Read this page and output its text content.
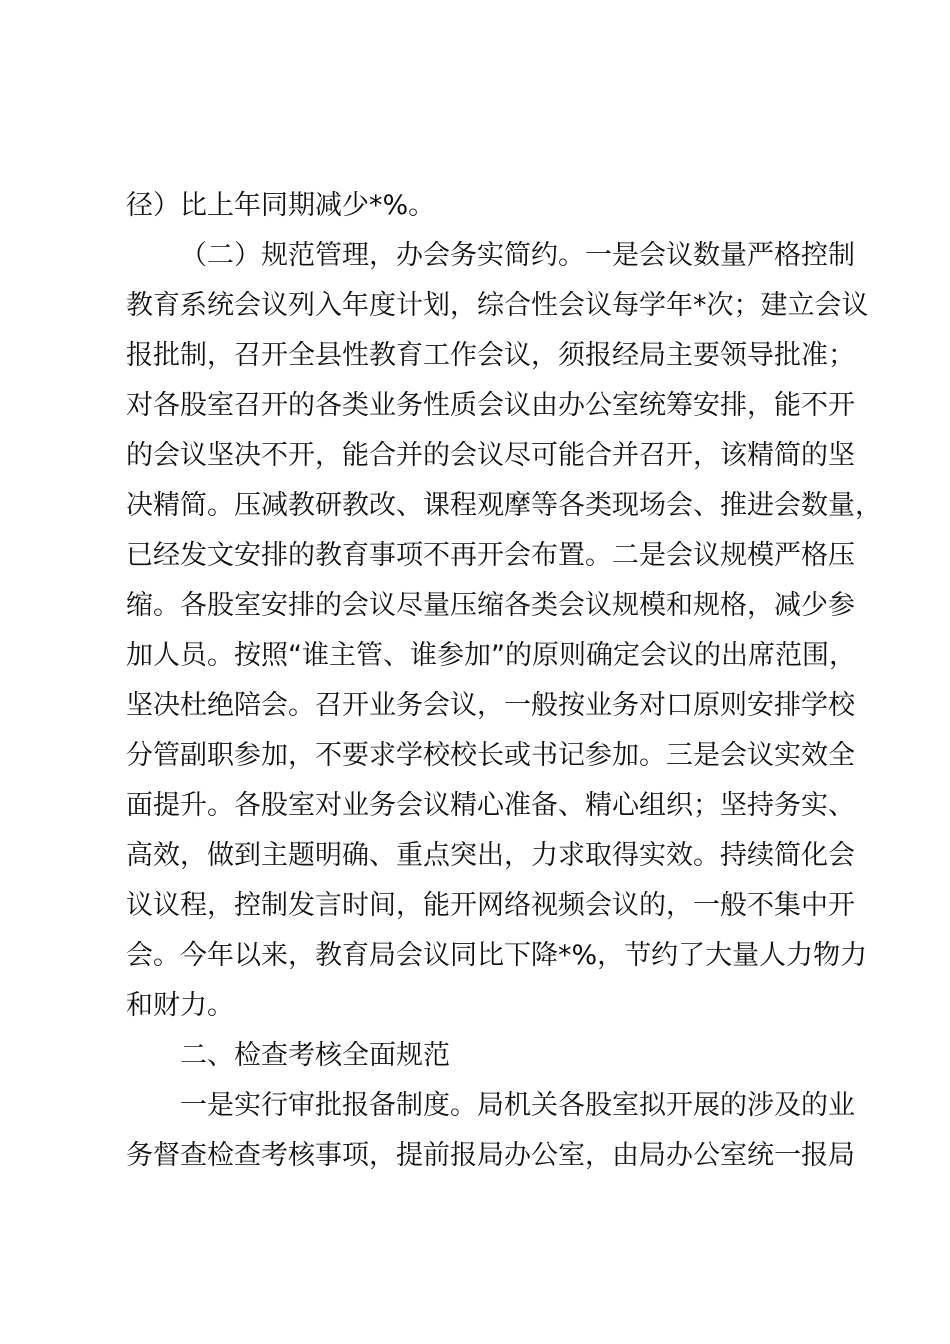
径）比上年同期减少*%。
（二）规范管理，办会务实简约。一是会议数量严格控制
教育系统会议列入年度计划，综合性会议每学年*次；建立会议
报批制，召开全县性教育工作会议，须报经局主要领导批准；
对各股室召开的各类业务性质会议由办公室统筹安排，能不开
的会议坚决不开，能合并的会议尽可能合并召开，该精简的坚
决精简。压减教研教改、课程观摩等各类现场会、推进会数量，
已经发文安排的教育事项不再开会布置。二是会议规模严格压
缩。各股室安排的会议尽量压缩各类会议规模和规格，减少参
加人员。按照“谁主管、谁参加”的原则确定会议的出席范围，
坚决杜绝陪会。召开业务会议，一般按业务对口原则安排学校
分管副职参加，不要求学校校长或书记参加。三是会议实效全
面提升。各股室对业务会议精心准备、精心组织；坚持务实、
高效，做到主题明确、重点突出，力求取得实效。持续简化会
议议程，控制发言时间，能开网络视频会议的，一般不集中开
会。今年以来，教育局会议同比下降*%，节约了大量人力物力
和财力。
二、检查考核全面规范
一是实行审批报备制度。局机关各股室拟开展的涉及的业
务督查检查考核事项，提前报局办公室，由局办公室统一报局
